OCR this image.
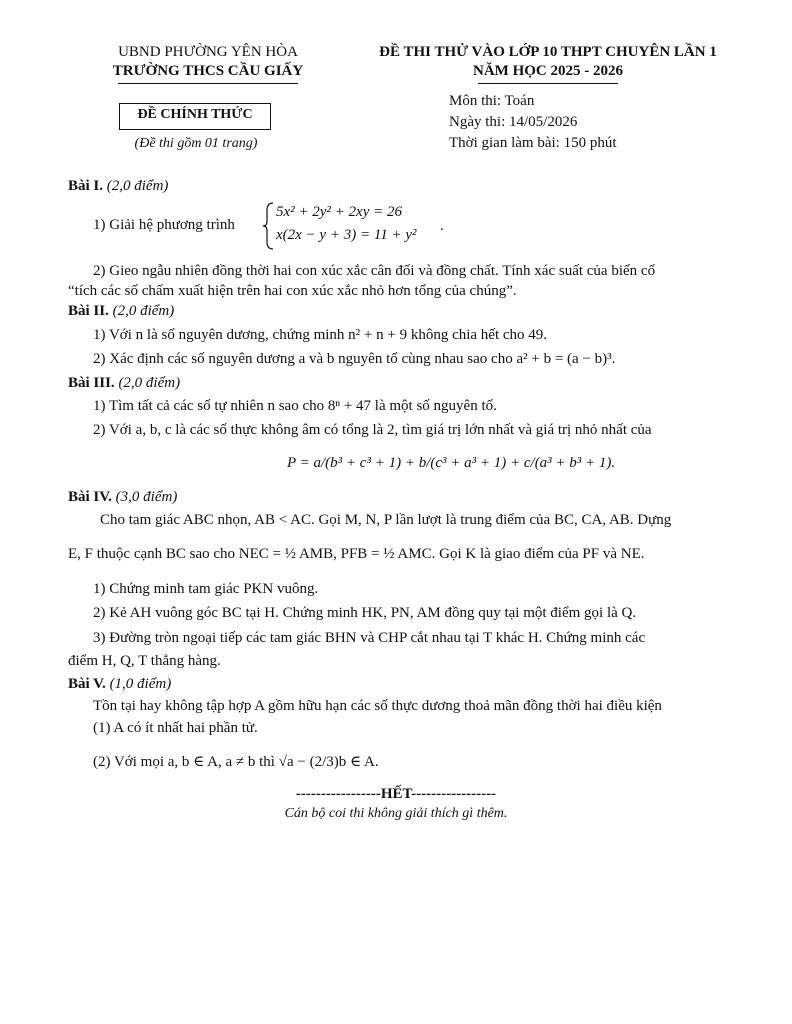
UBND PHƯỜNG YÊN HÒA
TRƯỜNG THCS CẦU GIẤY
ĐỀ THI THỬ VÀO LỚP 10 THPT CHUYÊN LẦN 1
NĂM HỌC 2025 - 2026
ĐỀ CHÍNH THỨC
(Đề thi gồm 01 trang)
Môn thi: Toán
Ngày thi: 14/05/2026
Thời gian làm bài: 150 phút
Bài I. (2,0 điểm)
1) Giải hệ phương trình
5x² + 2y² + 2xy = 26
x(2x − y + 3) = 11 + y²
.
2) Gieo ngẫu nhiên đồng thời hai con xúc xắc cân đối và đồng chất. Tính xác suất của biến cố
“tích các số chấm xuất hiện trên hai con xúc xắc nhỏ hơn tổng của chúng”.
Bài II. (2,0 điểm)
1) Với n là số nguyên dương, chứng minh n² + n + 9 không chia hết cho 49.
2) Xác định các số nguyên dương a và b nguyên tố cùng nhau sao cho a² + b = (a − b)³.
Bài III. (2,0 điểm)
1) Tìm tất cả các số tự nhiên n sao cho 8ⁿ + 47 là một số nguyên tố.
2) Với a, b, c là các số thực không âm có tổng là 2, tìm giá trị lớn nhất và giá trị nhỏ nhất của
P = a/(b³ + c³ + 1) + b/(c³ + a³ + 1) + c/(a³ + b³ + 1).
Bài IV. (3,0 điểm)
Cho tam giác ABC nhọn, AB < AC. Gọi M, N, P lần lượt là trung điểm của BC, CA, AB. Dựng
E, F thuộc cạnh BC sao cho NEC = ½ AMB, PFB = ½ AMC. Gọi K là giao điểm của PF và NE.
1) Chứng minh tam giác PKN vuông.
2) Kẻ AH vuông góc BC tại H. Chứng minh HK, PN, AM đồng quy tại một điểm gọi là Q.
3) Đường tròn ngoại tiếp các tam giác BHN và CHP cắt nhau tại T khác H. Chứng minh các
điểm H, Q, T thẳng hàng.
Bài V. (1,0 điểm)
Tồn tại hay không tập hợp A gồm hữu hạn các số thực dương thoả mãn đồng thời hai điều kiện
(1) A có ít nhất hai phần tử.
(2) Với mọi a, b ∈ A, a ≠ b thì √a − (2/3)b ∈ A.
-----------------HẾT-----------------
Cán bộ coi thi không giải thích gì thêm.
